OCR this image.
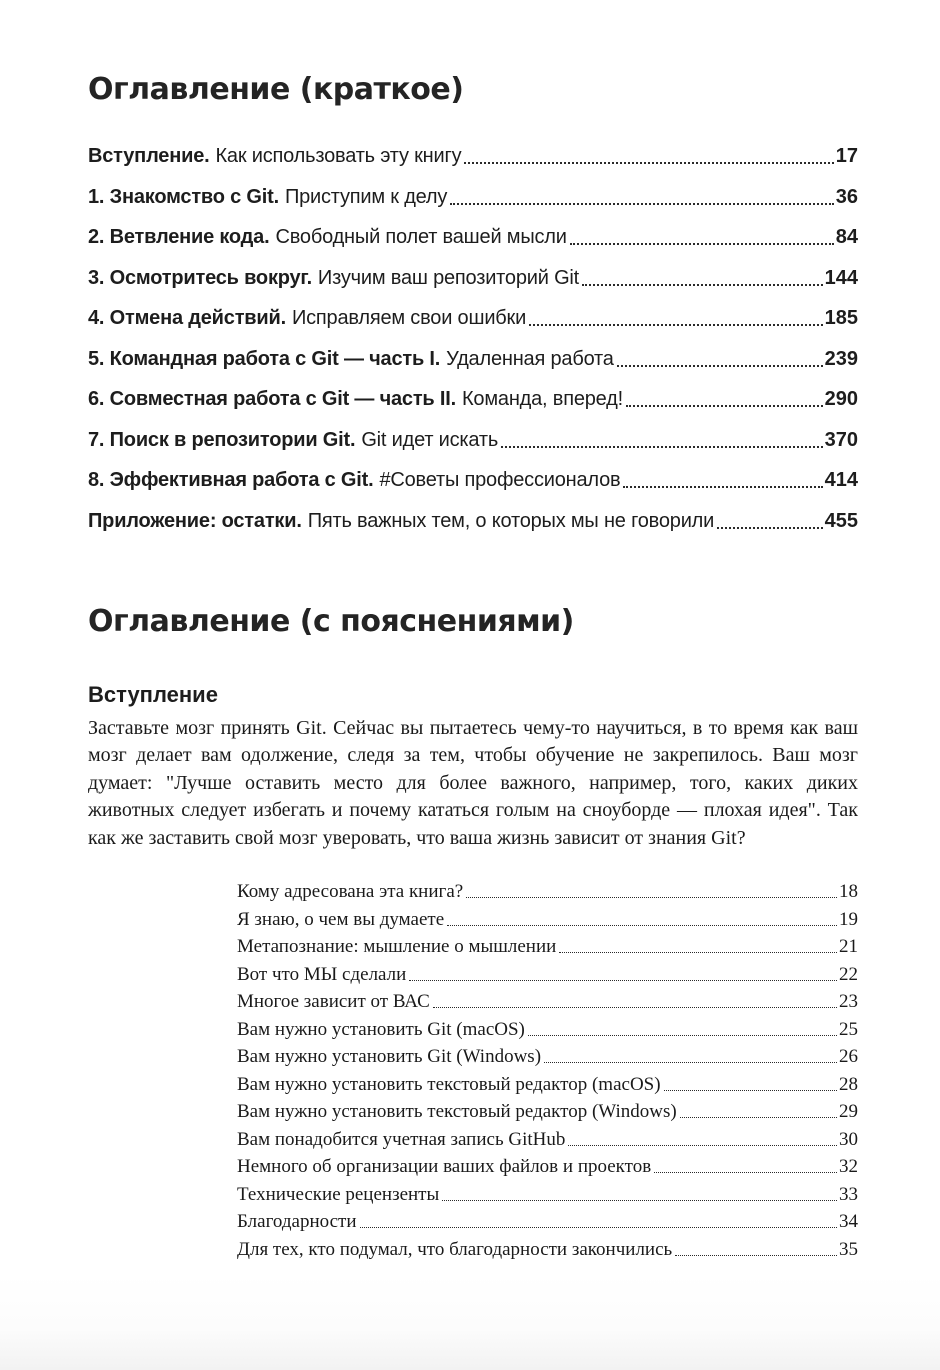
Оглавление (краткое)
Вступление. Как использовать эту книгу	17
1. Знакомство с Git. Приступим к делу	36
2. Ветвление кода. Свободный полет вашей мысли	84
3. Осмотритесь вокруг. Изучим ваш репозиторий Git	144
4. Отмена действий. Исправляем свои ошибки	185
5. Командная работа с Git — часть I. Удаленная работа	239
6. Совместная работа с Git — часть II. Команда, вперед!	290
7. Поиск в репозитории Git. Git идет искать	370
8. Эффективная работа с Git. #Советы профессионалов	414
Приложение: остатки. Пять важных тем, о которых мы не говорили	455
Оглавление (с пояснениями)
Вступление
Заставьте мозг принять Git. Сейчас вы пытаетесь чему-то научиться, в то время как ваш мозг делает вам одолжение, следя за тем, чтобы обучение не закрепилось. Ваш мозг думает: "Лучше оставить место для более важного, например, того, каких диких животных следует избегать и почему кататься голым на сноуборде — плохая идея". Так как же заставить свой мозг уверовать, что ваша жизнь зависит от знания Git?
Кому адресована эта книга?	18
Я знаю, о чем вы думаете	19
Метапознание: мышление о мышлении	21
Вот что МЫ сделали	22
Многое зависит от ВАС	23
Вам нужно установить Git (macOS)	25
Вам нужно установить Git (Windows)	26
Вам нужно установить текстовый редактор (macOS)	28
Вам нужно установить текстовый редактор (Windows)	29
Вам понадобится учетная запись GitHub	30
Немного об организации ваших файлов и проектов	32
Технические рецензенты	33
Благодарности	34
Для тех, кто подумал, что благодарности закончились	35
